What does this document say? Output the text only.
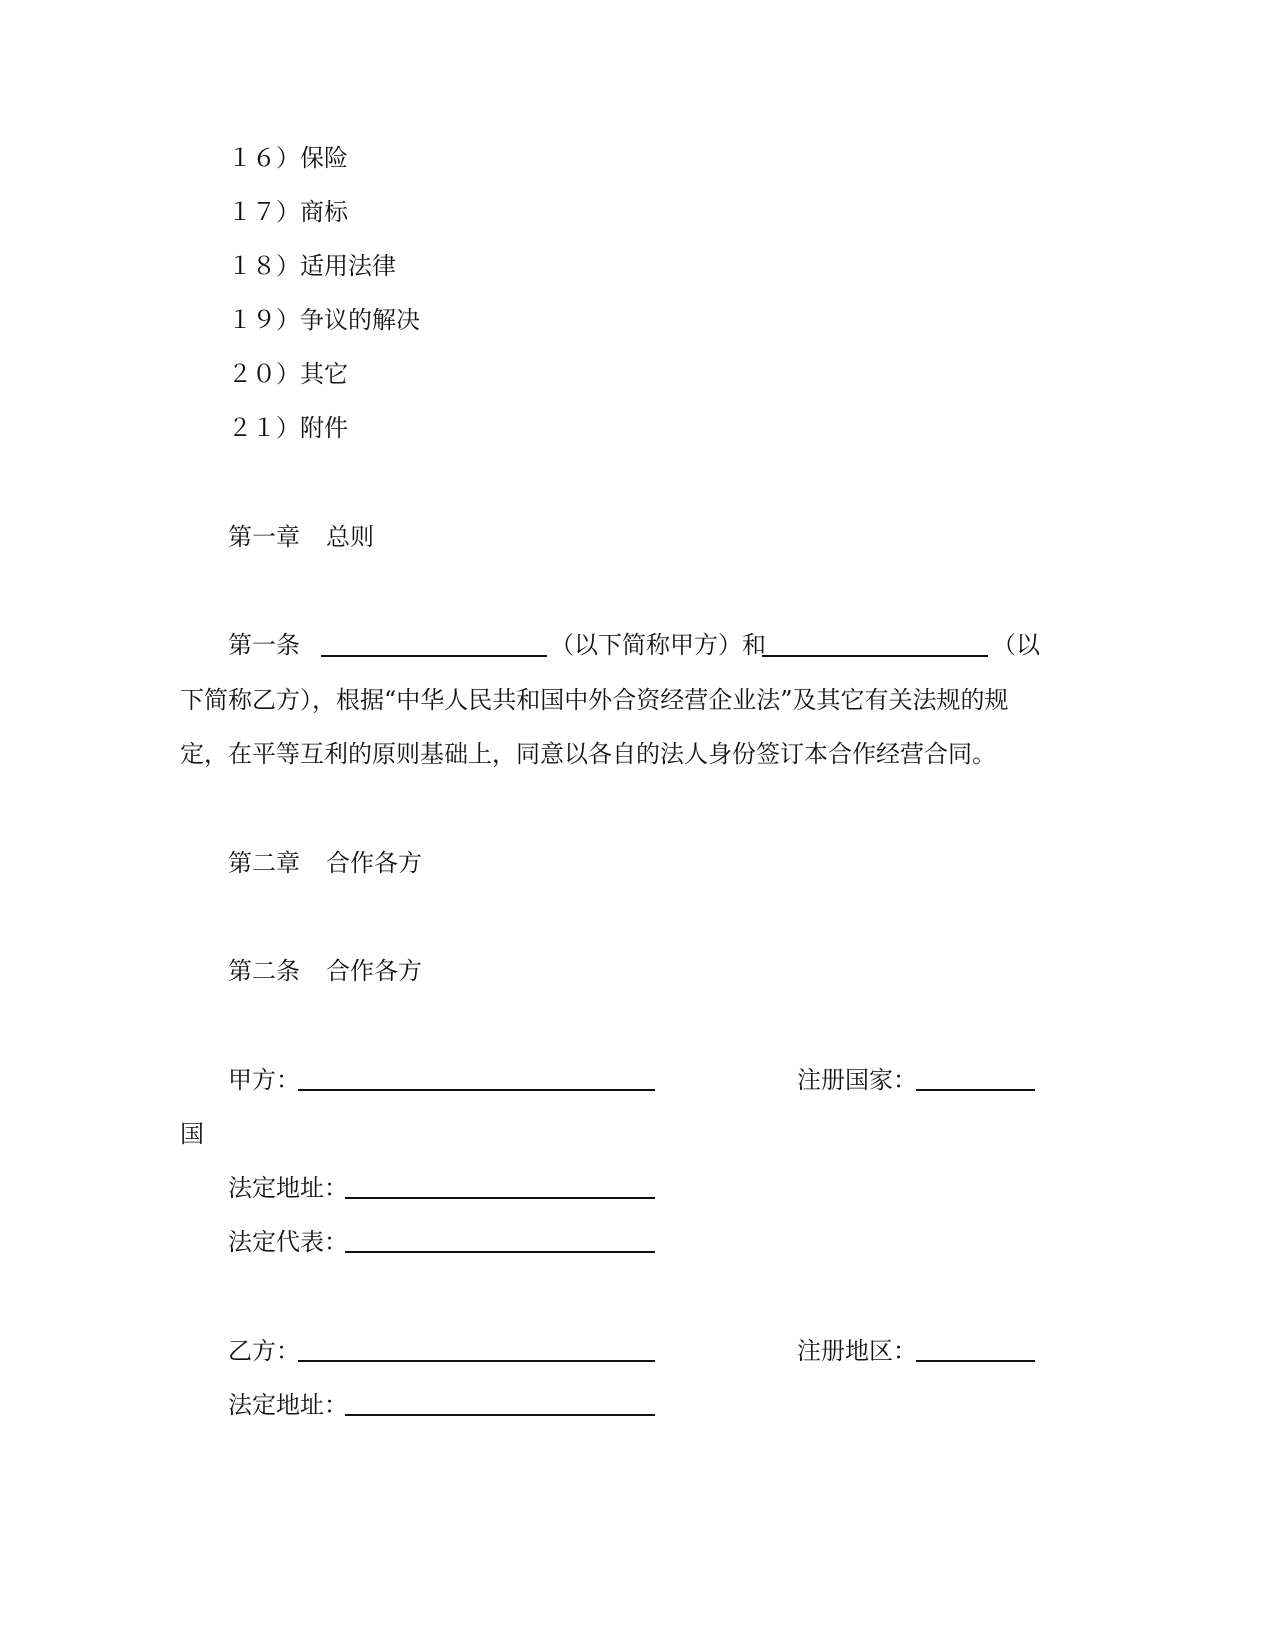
１６）保险
１７）商标
１８）适用法律
１９）争议的解决
２０）其它
２１）附件
第一章 总则
第一条	（以下简称甲方）和	（以
下简称乙方），根据“中华人民共和国中外合资经营企业法”及其它有关法规的规
定，在平等互利的原则基础上，同意以各自的法人身份签订本合作经营合同。
第二章 合作各方
第二条 合作各方
甲方：	注册国家：
国
法定地址：
法定代表：
乙方：	注册地区：
法定地址：
